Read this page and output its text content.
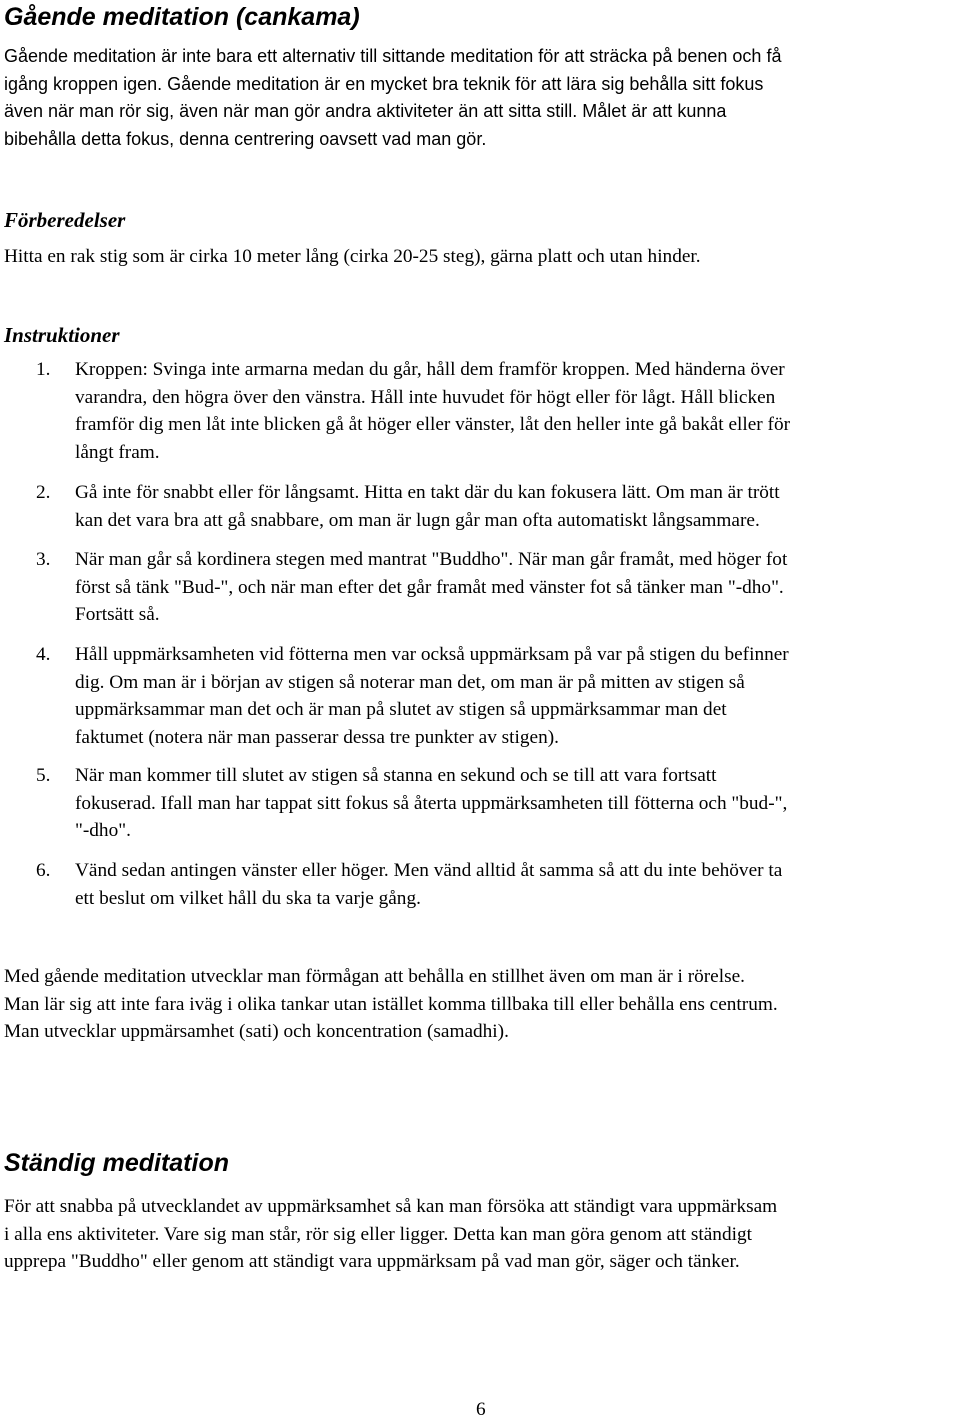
Gående meditation (cankama)
Gående meditation är inte bara ett alternativ till sittande meditation för att sträcka på benen och få
igång kroppen igen. Gående meditation är en mycket bra teknik för att lära sig behålla sitt fokus
även när man rör sig, även när man gör andra aktiviteter än att sitta still. Målet är att kunna
bibehålla detta fokus, denna centrering oavsett vad man gör.
Förberedelser
Hitta en rak stig som är cirka 10 meter lång (cirka 20-25 steg), gärna platt och utan hinder.
Instruktioner
1. Kroppen: Svinga inte armarna medan du går, håll dem framför kroppen. Med händerna över
varandra, den högra över den vänstra. Håll inte huvudet för högt eller för lågt. Håll blicken
framför dig men låt inte blicken gå åt höger eller vänster, låt den heller inte gå bakåt eller för
långt fram.
2. Gå inte för snabbt eller för långsamt. Hitta en takt där du kan fokusera lätt. Om man är trött
kan det vara bra att gå snabbare, om man är lugn går man ofta automatiskt långsammare.
3. När man går så kordinera stegen med mantrat "Buddho". När man går framåt, med höger fot
först så tänk "Bud-", och när man efter det går framåt med vänster fot så tänker man "-dho".
Fortsätt så.
4. Håll uppmärksamheten vid fötterna men var också uppmärksam på var på stigen du befinner
dig. Om man är i början av stigen så noterar man det, om man är på mitten av stigen så
uppmärksammar man det och är man på slutet av stigen så uppmärksammar man det
faktumet (notera när man passerar dessa tre punkter av stigen).
5. När man kommer till slutet av stigen så stanna en sekund och se till att vara fortsatt
fokuserad. Ifall man har tappat sitt fokus så återta uppmärksamheten till fötterna och "bud-",
"-dho".
6. Vänd sedan antingen vänster eller höger. Men vänd alltid åt samma så att du inte behöver ta
ett beslut om vilket håll du ska ta varje gång.
Med gående meditation utvecklar man förmågan att behålla en stillhet även om man är i rörelse.
Man lär sig att inte fara iväg i olika tankar utan istället komma tillbaka till eller behålla ens centrum.
Man utvecklar uppmärsamhet (sati) och koncentration (samadhi).
Ständig meditation
För att snabba på utvecklandet av uppmärksamhet så kan man försöka att ständigt vara uppmärksam
i alla ens aktiviteter. Vare sig man står, rör sig eller ligger. Detta kan man göra genom att ständigt
upprepa "Buddho" eller genom att ständigt vara uppmärksam på vad man gör, säger och tänker.
6
